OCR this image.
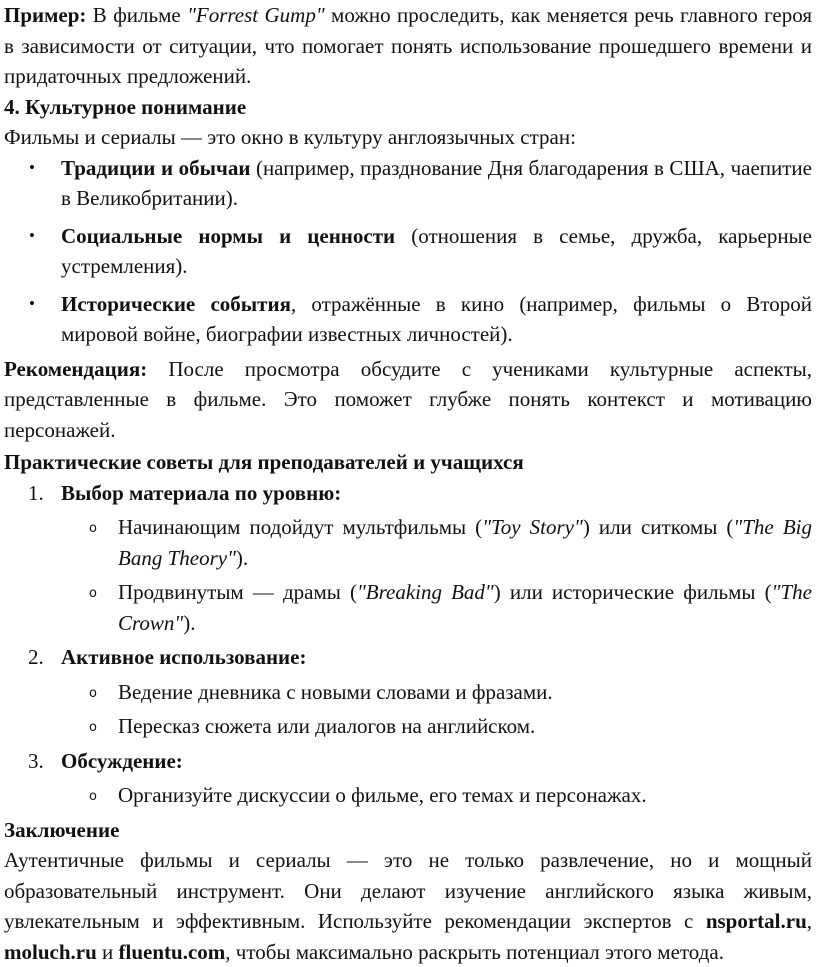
Пример: В фильме "Forrest Gump" можно проследить, как меняется речь главного героя в зависимости от ситуации, что помогает понять использование прошедшего времени и придаточных предложений.

4. Культурное понимание

Фильмы и сериалы — это окно в культуру англоязычных стран:

• Традиции и обычаи (например, празднование Дня благодарения в США, чаепитие в Великобритании).
• Социальные нормы и ценности (отношения в семье, дружба, карьерные устремления).
• Исторические события, отражённые в кино (например, фильмы о Второй мировой войне, биографии известных личностей).

Рекомендация: После просмотра обсудите с учениками культурные аспекты, представленные в фильме. Это поможет глубже понять контекст и мотивацию персонажей.

Практические советы для преподавателей и учащихся

1. Выбор материала по уровню:
o Начинающим подойдут мультфильмы ("Toy Story") или ситкомы ("The Big Bang Theory").
o Продвинутым — драмы ("Breaking Bad") или исторические фильмы ("The Crown").
2. Активное использование:
o Ведение дневника с новыми словами и фразами.
o Пересказ сюжета или диалогов на английском.
3. Обсуждение:
o Организуйте дискуссии о фильме, его темах и персонажах.

Заключение

Аутентичные фильмы и сериалы — это не только развлечение, но и мощный образовательный инструмент. Они делают изучение английского языка живым, увлекательным и эффективным. Используйте рекомендации экспертов с nsportal.ru, moluch.ru и fluentu.com, чтобы максимально раскрыть потенциал этого метода.
